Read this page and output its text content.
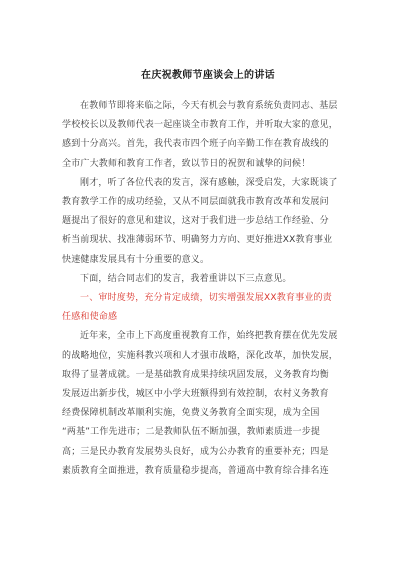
在庆祝教师节座谈会上的讲话
在教师节即将来临之际，今天有机会与教育系统负责同志、基层
学校校长以及教师代表一起座谈全市教育工作，并听取大家的意见，
感到十分高兴。首先，我代表市四个班子向辛勤工作在教育战线的
全市广大教师和教育工作者，致以节日的祝贺和诚挚的问候！
刚才，听了各位代表的发言，深有感触，深受启发，大家既谈了
教育教学工作的成功经验，又从不同层面就我市教育改革和发展问
题提出了很好的意见和建议，这对于我们进一步总结工作经验、分
析当前现状、找准薄弱环节、明确努力方向、更好推进XX教育事业
快速健康发展具有十分重要的意义。
下面，结合同志们的发言，我着重讲以下三点意见。
一、审时度势，充分肯定成绩，切实增强发展XX教育事业的责
任感和使命感
近年来，全市上下高度重视教育工作，始终把教育摆在优先发展
的战略地位，实施科教兴项和人才强市战略，深化改革，加快发展，
取得了显著成就。一是基础教育成果持续巩固发展，义务教育均衡
发展迈出新步伐，城区中小学大班额得到有效控制，农村义务教育
经费保障机制改革顺利实施，免费义务教育全面实现，成为全国
“两基”工作先进市；二是教师队伍不断加强，教师素质进一步提
高；三是民办教育发展势头良好，成为公办教育的重要补充；四是
素质教育全面推进，教育质量稳步提高，普通高中教育综合排名连
